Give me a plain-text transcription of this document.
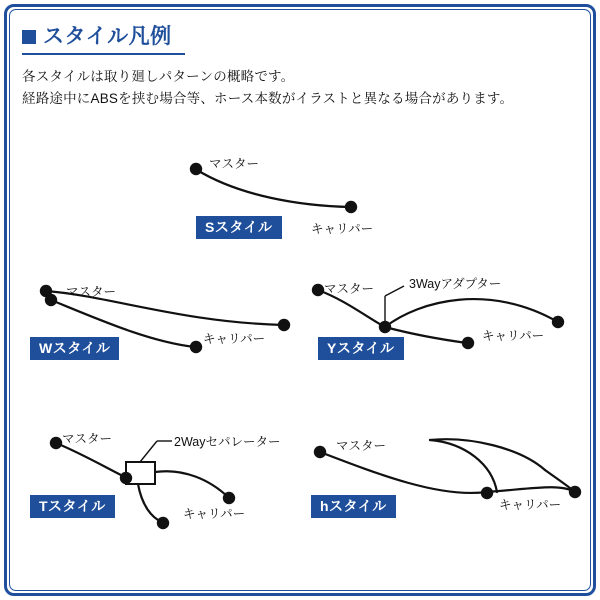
スタイル凡例
各スタイルは取り廻しパターンの概略です。
経路途中にABSを挟む場合等、ホース本数がイラストと異なる場合があります。
マスター
キャリパー
マスター
キャリパー
マスター	3Wayアダプター
キャリパー
マスター	2Wayセパレーター
キャリパー
マスター
キャリパー
Sスタイル
Wスタイル	Yスタイル
Tスタイル	hスタイル
